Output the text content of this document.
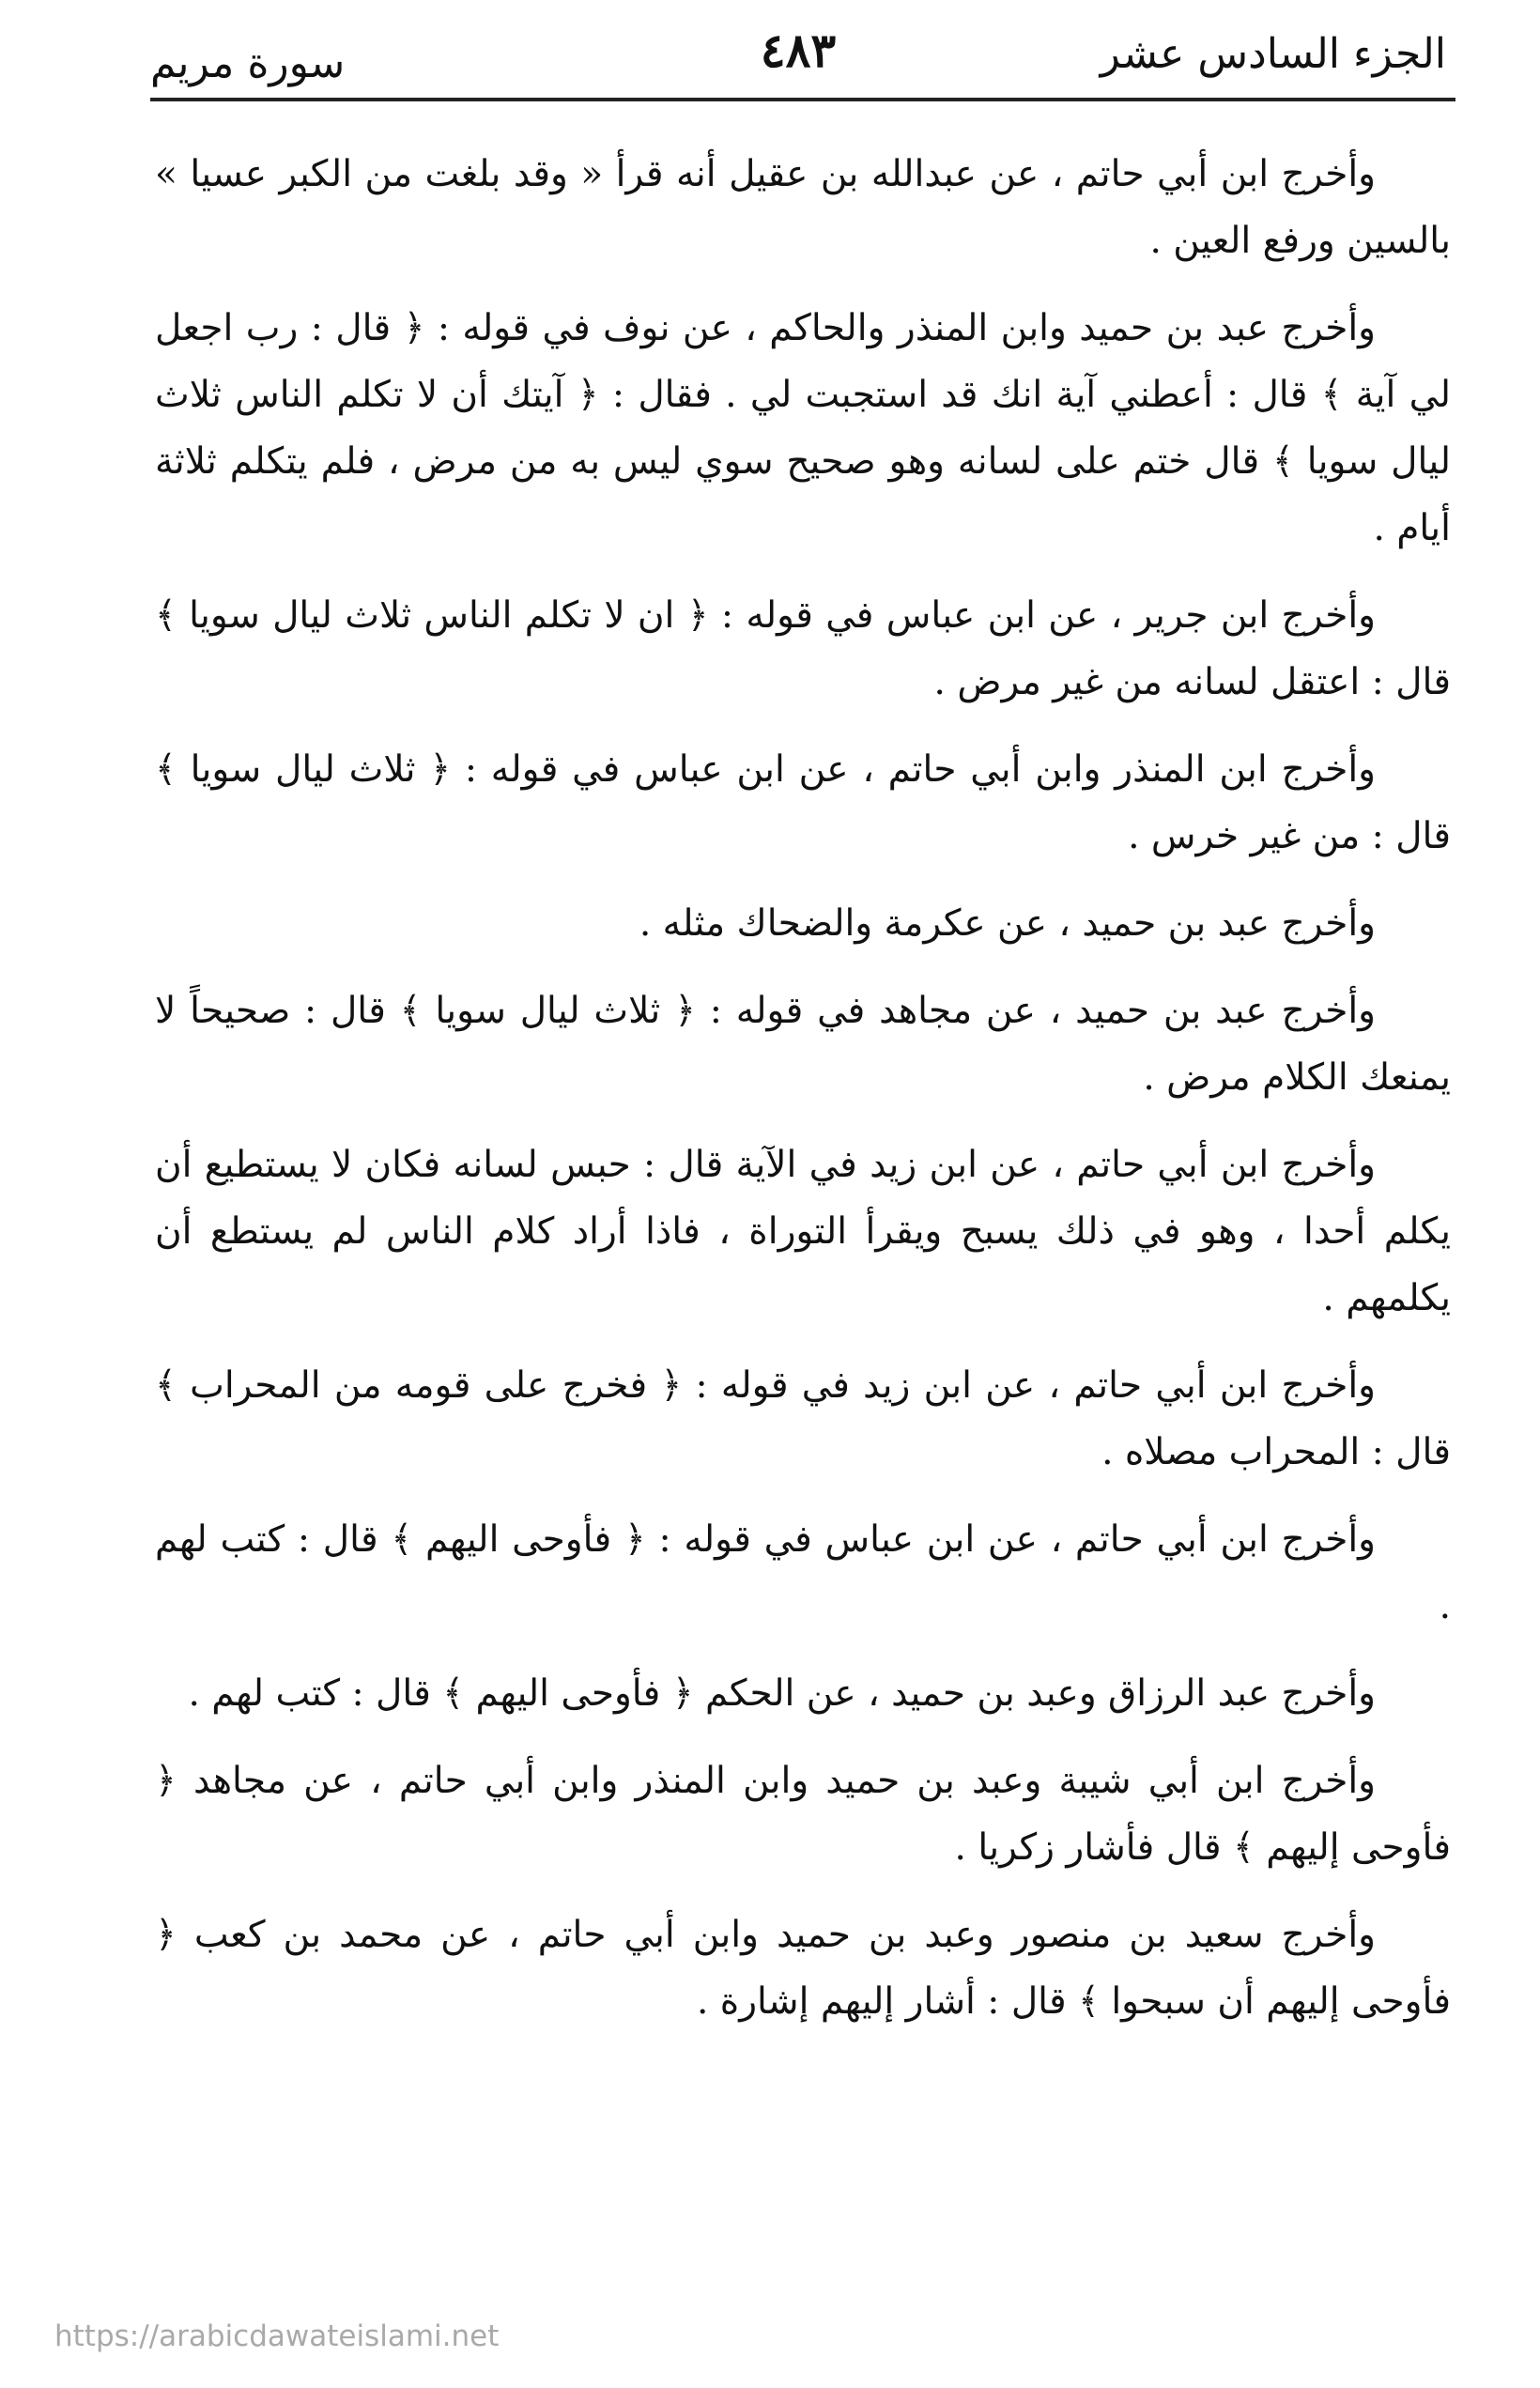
الجزء السادس عشر
٤٨٣
سورة مريم

وأخرج ابن أبي حاتم ، عن عبدالله بن عقيل أنه قرأ « وقد بلغت من الكبر عسيا » بالسين ورفع العين .

وأخرج عبد بن حميد وابن المنذر والحاكم ، عن نوف في قوله : ﴿ قال : رب اجعل لي آية ﴾ قال : أعطني آية انك قد استجبت لي . فقال : ﴿ آيتك أن لا تكلم الناس ثلاث ليال سويا ﴾ قال ختم على لسانه وهو صحيح سوي ليس به من مرض ، فلم يتكلم ثلاثة أيام .

وأخرج ابن جرير ، عن ابن عباس في قوله : ﴿ ان لا تكلم الناس ثلاث ليال سويا ﴾ قال : اعتقل لسانه من غير مرض .

وأخرج ابن المنذر وابن أبي حاتم ، عن ابن عباس في قوله : ﴿ ثلاث ليال سويا ﴾ قال : من غير خرس .

وأخرج عبد بن حميد ، عن عكرمة والضحاك مثله .

وأخرج عبد بن حميد ، عن مجاهد في قوله : ﴿ ثلاث ليال سويا ﴾ قال : صحيحاً لا يمنعك الكلام مرض .

وأخرج ابن أبي حاتم ، عن ابن زيد في الآية قال : حبس لسانه فكان لا يستطيع أن يكلم أحدا ، وهو في ذلك يسبح ويقرأ التوراة ، فاذا أراد كلام الناس لم يستطع أن يكلمهم .

وأخرج ابن أبي حاتم ، عن ابن زيد في قوله : ﴿ فخرج على قومه من المحراب ﴾ قال : المحراب مصلاه .

وأخرج ابن أبي حاتم ، عن ابن عباس في قوله : ﴿ فأوحى اليهم ﴾ قال : كتب لهم .

وأخرج عبد الرزاق وعبد بن حميد ، عن الحكم ﴿ فأوحى اليهم ﴾ قال : كتب لهم .

وأخرج ابن أبي شيبة وعبد بن حميد وابن المنذر وابن أبي حاتم ، عن مجاهد ﴿ فأوحى إليهم ﴾ قال فأشار زكريا .

وأخرج سعيد بن منصور وعبد بن حميد وابن أبي حاتم ، عن محمد بن كعب ﴿ فأوحى إليهم أن سبحوا ﴾ قال : أشار إليهم إشارة .

https://arabicdawateislami.net
